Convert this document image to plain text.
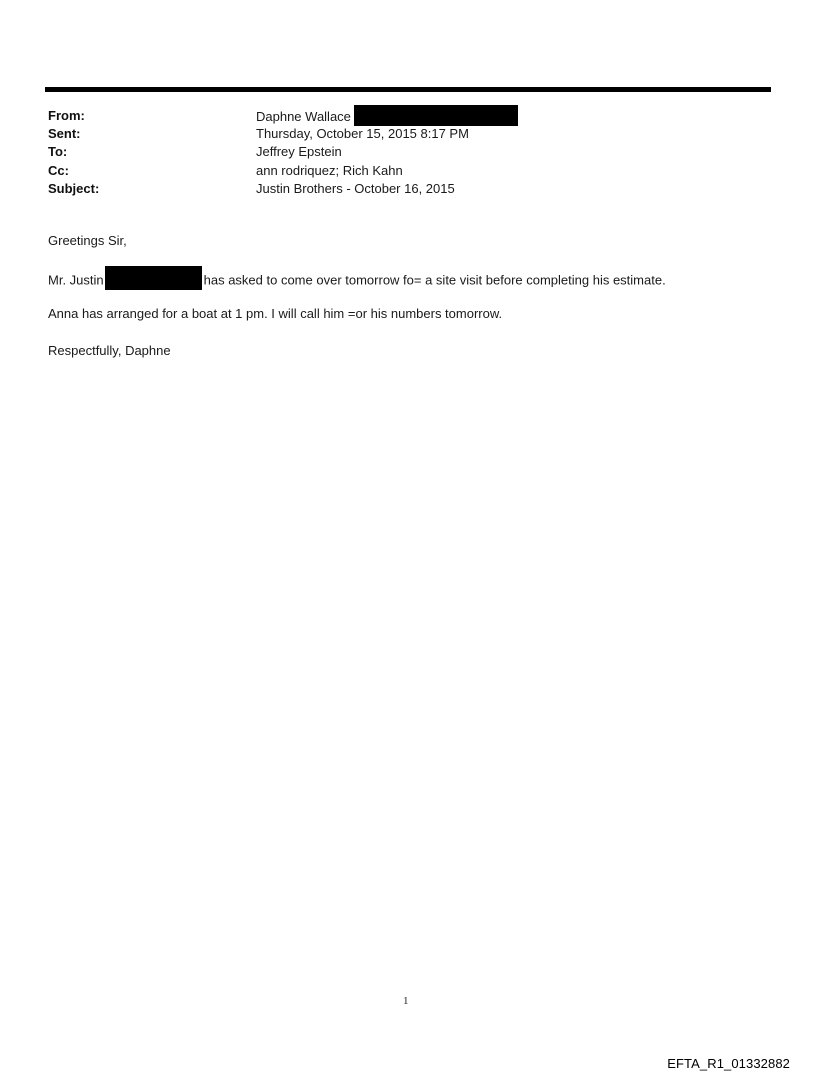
From:	Daphne Wallace
Sent:	Thursday, October 15, 2015 8:17 PM
To:	Jeffrey Epstein
Cc:	ann rodriquez; Rich Kahn
Subject:	Justin Brothers - October 16, 2015

Greetings Sir,

Mr. Justin	has asked to come over tomorrow fo= a site visit before completing his estimate.

Anna has arranged for a boat at 1 pm. I will call him =or his numbers tomorrow.

Respectfully, Daphne

1
EFTA_R1_01332882
